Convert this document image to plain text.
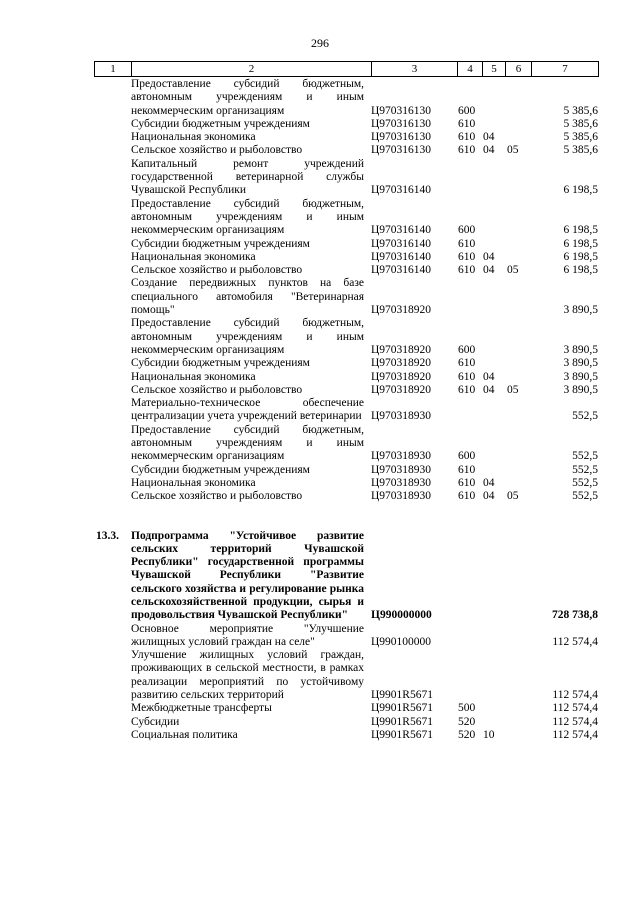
296
1	2	3	4	5	6	7
Предоставление субсидий бюджетным, автономным учреждениям и иным некоммерческим организациям	Ц970316130 600	5 385,6
Субсидии бюджетным учреждениям	Ц970316130 610	5 385,6
Национальная экономика	Ц970316130 610 04	5 385,6
Сельское хозяйство и рыболовство	Ц970316130 610 04 05	5 385,6
Капитальный ремонт учреждений государственной ветеринарной службы Чувашской Республики	Ц970316140	6 198,5
Предоставление субсидий бюджетным, автономным учреждениям и иным некоммерческим организациям	Ц970316140 600	6 198,5
Субсидии бюджетным учреждениям	Ц970316140 610	6 198,5
Национальная экономика	Ц970316140 610 04	6 198,5
Сельское хозяйство и рыболовство	Ц970316140 610 04 05	6 198,5
Создание передвижных пунктов на базе специального автомобиля "Ветеринарная помощь"	Ц970318920	3 890,5
Предоставление субсидий бюджетным, автономным учреждениям и иным некоммерческим организациям	Ц970318920 600	3 890,5
Субсидии бюджетным учреждениям	Ц970318920 610	3 890,5
Национальная экономика	Ц970318920 610 04	3 890,5
Сельское хозяйство и рыболовство	Ц970318920 610 04 05	3 890,5
Материально-техническое обеспечение централизации учета учреждений ветеринарии Ц970318930	552,5
Предоставление субсидий бюджетным, автономным учреждениям и иным некоммерческим организациям	Ц970318930 600	552,5
Субсидии бюджетным учреждениям	Ц970318930 610	552,5
Национальная экономика	Ц970318930 610 04	552,5
Сельское хозяйство и рыболовство	Ц970318930 610 04 05	552,5
13.3.	Подпрограмма "Устойчивое развитие сельских территорий Чувашской Республики" государственной программы Чувашской Республики "Развитие сельского хозяйства и регулирование рынка сельскохозяйственной продукции, сырья и продовольствия Чувашской Республики"	Ц990000000	728 738,8
Основное мероприятие "Улучшение жилищных условий граждан на селе"	Ц990100000	112 574,4
Улучшение жилищных условий граждан, проживающих в сельской местности, в рамках реализации мероприятий по устойчивому развитию сельских территорий	Ц9901R5671	112 574,4
Межбюджетные трансферты	Ц9901R5671 500	112 574,4
Субсидии	Ц9901R5671 520	112 574,4
Социальная политика	Ц9901R5671 520 10	112 574,4
